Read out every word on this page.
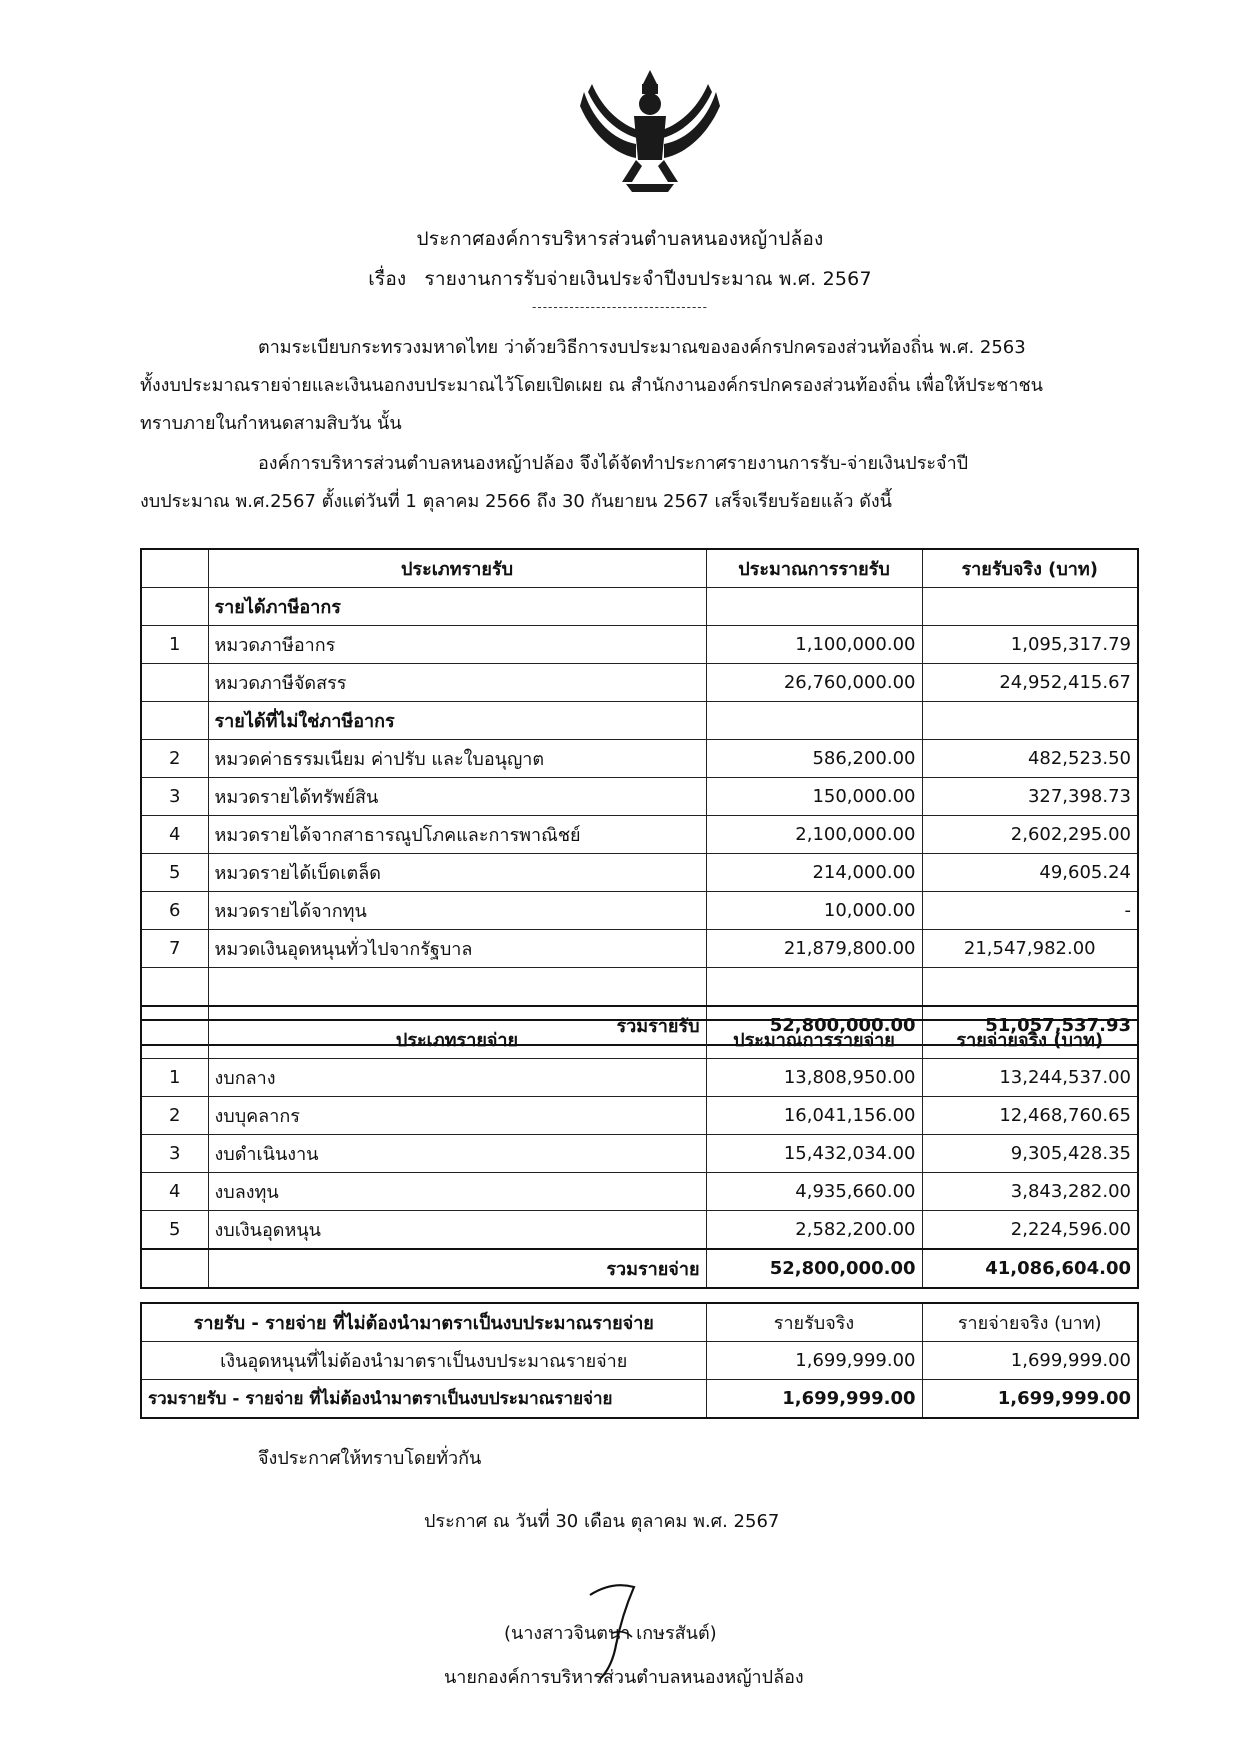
ประกาศองค์การบริหารส่วนตำบลหนองหญ้าปล้อง
เรื่อง รายงานการรับจ่ายเงินประจำปีงบประมาณ พ.ศ. 2567
---------------------------------
ตามระเบียบกระทรวงมหาดไทย ว่าด้วยวิธีการงบประมาณขององค์กรปกครองส่วนท้องถิ่น พ.ศ. 2563
ทั้งงบประมาณรายจ่ายและเงินนอกงบประมาณไว้โดยเปิดเผย ณ สำนักงานองค์กรปกครองส่วนท้องถิ่น เพื่อให้ประชาชน
ทราบภายในกำหนดสามสิบวัน นั้น
องค์การบริหารส่วนตำบลหนองหญ้าปล้อง จึงได้จัดทำประกาศรายงานการรับ-จ่ายเงินประจำปี
งบประมาณ พ.ศ.2567 ตั้งแต่วันที่ 1 ตุลาคม 2566 ถึง 30 กันยายน 2567 เสร็จเรียบร้อยแล้ว ดังนี้
	ประเภทรายรับ	ประมาณการรายรับ	รายรับจริง (บาท)
	รายได้ภาษีอากร		
1	หมวดภาษีอากร	1,100,000.00	1,095,317.79
	หมวดภาษีจัดสรร	26,760,000.00	24,952,415.67
	รายได้ที่ไม่ใช่ภาษีอากร		
2	หมวดค่าธรรมเนียม ค่าปรับ และใบอนุญาต	586,200.00	482,523.50
3	หมวดรายได้ทรัพย์สิน	150,000.00	327,398.73
4	หมวดรายได้จากสาธารณูปโภคและการพาณิชย์	2,100,000.00	2,602,295.00
5	หมวดรายได้เบ็ดเตล็ด	214,000.00	49,605.24
6	หมวดรายได้จากทุน	10,000.00	-
7	หมวดเงินอุดหนุนทั่วไปจากรัฐบาล	21,879,800.00	21,547,982.00

	รวมรายรับ	52,800,000.00	51,057,537.93
	ประเภทรายจ่าย	ประมาณการรายจ่าย	รายจ่ายจริง (บาท)
1	งบกลาง	13,808,950.00	13,244,537.00
2	งบบุคลากร	16,041,156.00	12,468,760.65
3	งบดำเนินงาน	15,432,034.00	9,305,428.35
4	งบลงทุน	4,935,660.00	3,843,282.00
5	งบเงินอุดหนุน	2,582,200.00	2,224,596.00
	รวมรายจ่าย	52,800,000.00	41,086,604.00
รายรับ - รายจ่าย ที่ไม่ต้องนำมาตราเป็นงบประมาณรายจ่าย	รายรับจริง	รายจ่ายจริง (บาท)
เงินอุดหนุนที่ไม่ต้องนำมาตราเป็นงบประมาณรายจ่าย	1,699,999.00	1,699,999.00
รวมรายรับ - รายจ่าย ที่ไม่ต้องนำมาตราเป็นงบประมาณรายจ่าย	1,699,999.00	1,699,999.00
จึงประกาศให้ทราบโดยทั่วกัน
ประกาศ ณ วันที่ 30 เดือน ตุลาคม พ.ศ. 2567
(นางสาวจินตนา เกษรสันต์)
นายกองค์การบริหารส่วนตำบลหนองหญ้าปล้อง
